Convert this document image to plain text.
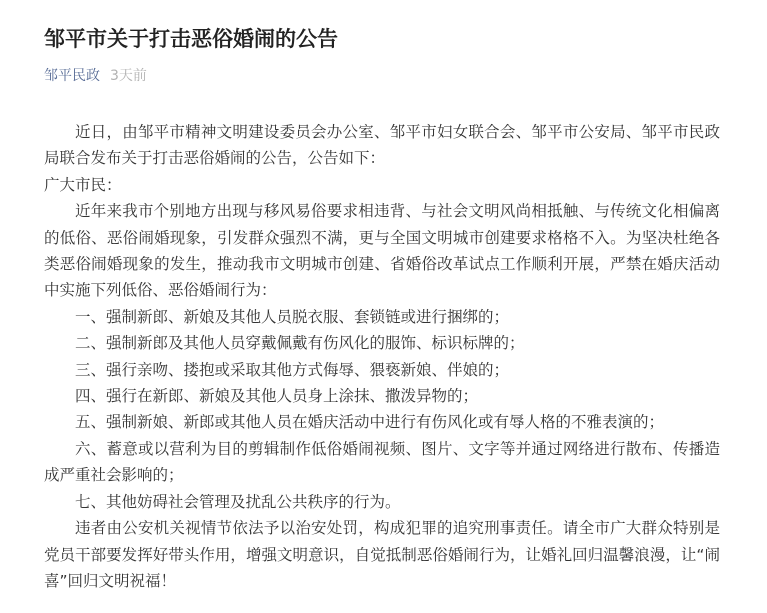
邹平市关于打击恶俗婚闹的公告
邹平民政 3天前

近日，由邹平市精神文明建设委员会办公室、邹平市妇女联合会、邹平市公安局、邹平市民政局联合发布关于打击恶俗婚闹的公告，公告如下：

广大市民：

近年来我市个别地方出现与移风易俗要求相违背、与社会文明风尚相抵触、与传统文化相偏离的低俗、恶俗闹婚现象，引发群众强烈不满，更与全国文明城市创建要求格格不入。为坚决杜绝各类恶俗闹婚现象的发生，推动我市文明城市创建、省婚俗改革试点工作顺利开展，严禁在婚庆活动中实施下列低俗、恶俗婚闹行为：

一、强制新郎、新娘及其他人员脱衣服、套锁链或进行捆绑的；

二、强制新郎及其他人员穿戴佩戴有伤风化的服饰、标识标牌的；

三、强行亲吻、搂抱或采取其他方式侮辱、猥亵新娘、伴娘的；

四、强行在新郎、新娘及其他人员身上涂抹、撒泼异物的；

五、强制新娘、新郎或其他人员在婚庆活动中进行有伤风化或有辱人格的不雅表演的；

六、蓄意或以营利为目的剪辑制作低俗婚闹视频、图片、文字等并通过网络进行散布、传播造成严重社会影响的；

七、其他妨碍社会管理及扰乱公共秩序的行为。

违者由公安机关视情节依法予以治安处罚，构成犯罪的追究刑事责任。请全市广大群众特别是党员干部要发挥好带头作用，增强文明意识，自觉抵制恶俗婚闹行为，让婚礼回归温馨浪漫，让“闹喜”回归文明祝福！
